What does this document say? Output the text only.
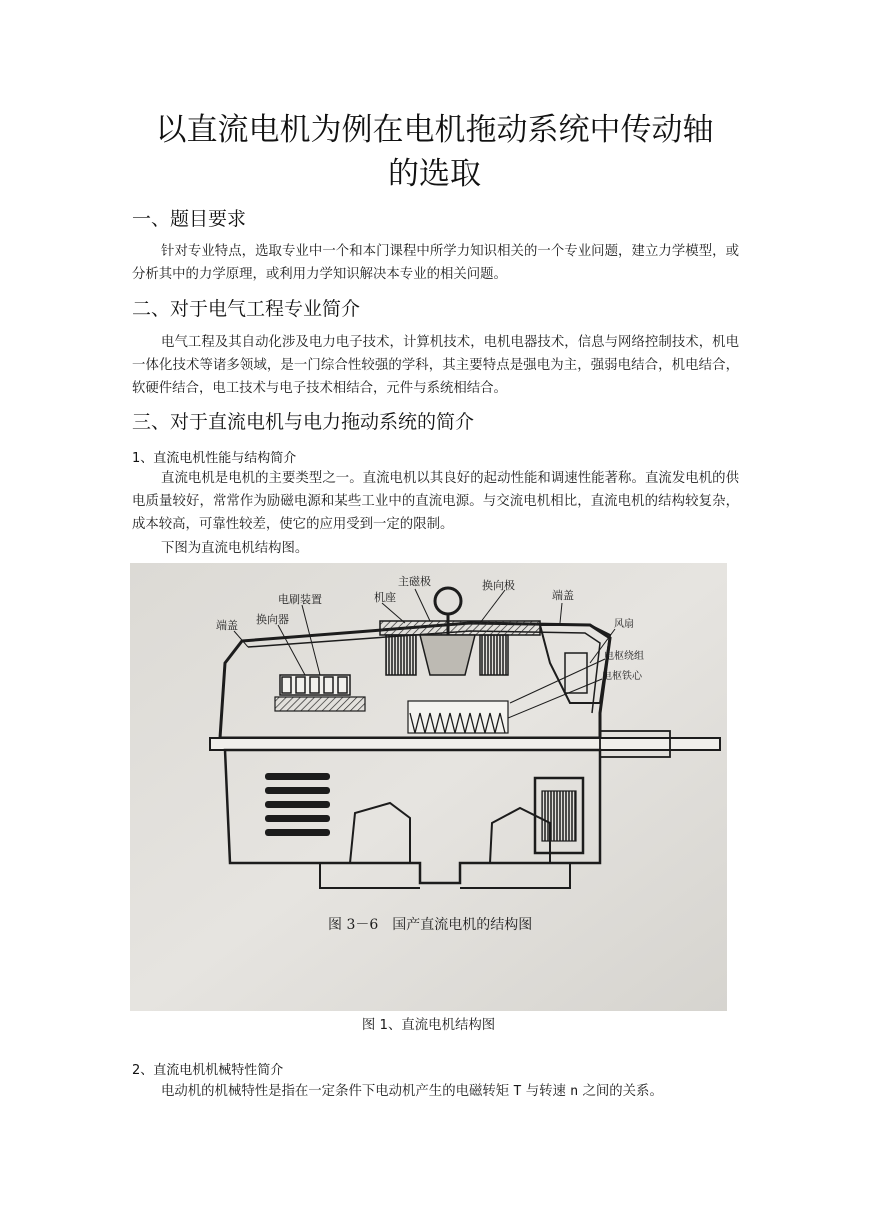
以直流电机为例在电机拖动系统中传动轴
的选取
一、题目要求

针对专业特点，选取专业中一个和本门课程中所学力知识相关的一个专业问题，建立力学模型，或分析其中的力学原理，或利用力学知识解决本专业的相关问题。

二、对于电气工程专业简介

电气工程及其自动化涉及电力电子技术，计算机技术，电机电器技术，信息与网络控制技术，机电一体化技术等诸多领域，是一门综合性较强的学科，其主要特点是强电为主，强弱电结合，机电结合，软硬件结合，电工技术与电子技术相结合，元件与系统相结合。

三、对于直流电机与电力拖动系统的简介
1、直流电机性能与结构简介

直流电机是电机的主要类型之一。直流电机以其良好的起动性能和调速性能著称。直流发电机的供电质量较好，常常作为励磁电源和某些工业中的直流电源。与交流电机相比，直流电机的结构较复杂，成本较高，可靠性较差，使它的应用受到一定的限制。

下图为直流电机结构图。

主磁极	换向极
机座	端盖
电刷装置
换向器
端盖	风扇
电枢绕组
电枢铁心
图 3－6　国产直流电机的结构图
图 1、直流电机结构图
2、直流电机机械特性简介

电动机的机械特性是指在一定条件下电动机产生的电磁转矩 T 与转速 n 之间的关系。
